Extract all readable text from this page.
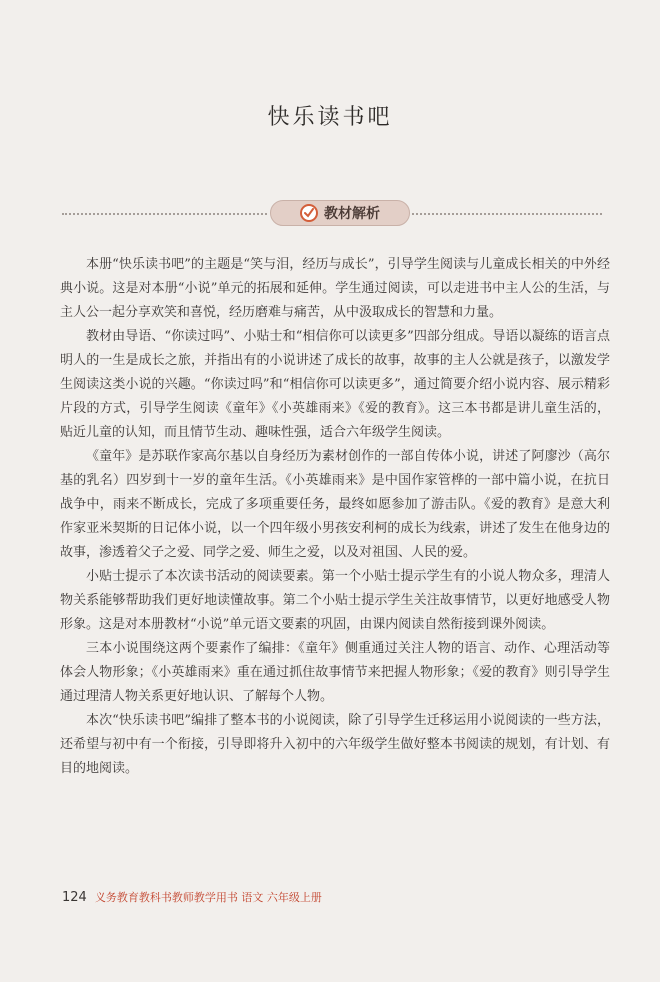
快乐读书吧
教材解析

本册“快乐读书吧”的主题是“笑与泪，经历与成长”，引导学生阅读与儿童成长相关的中外经典小说。这是对本册“小说”单元的拓展和延伸。学生通过阅读，可以走进书中主人公的生活，与主人公一起分享欢笑和喜悦，经历磨难与痛苦，从中汲取成长的智慧和力量。

教材由导语、“你读过吗”、小贴士和“相信你可以读更多”四部分组成。导语以凝练的语言点明人的一生是成长之旅，并指出有的小说讲述了成长的故事，故事的主人公就是孩子，以激发学生阅读这类小说的兴趣。“你读过吗”和“相信你可以读更多”，通过简要介绍小说内容、展示精彩片段的方式，引导学生阅读《童年》《小英雄雨来》《爱的教育》。这三本书都是讲儿童生活的，贴近儿童的认知，而且情节生动、趣味性强，适合六年级学生阅读。

《童年》是苏联作家高尔基以自身经历为素材创作的一部自传体小说，讲述了阿廖沙（高尔基的乳名）四岁到十一岁的童年生活。《小英雄雨来》是中国作家管桦的一部中篇小说，在抗日战争中，雨来不断成长，完成了多项重要任务，最终如愿参加了游击队。《爱的教育》是意大利作家亚米契斯的日记体小说，以一个四年级小男孩安利柯的成长为线索，讲述了发生在他身边的故事，渗透着父子之爱、同学之爱、师生之爱，以及对祖国、人民的爱。

小贴士提示了本次读书活动的阅读要素。第一个小贴士提示学生有的小说人物众多，理清人物关系能够帮助我们更好地读懂故事。第二个小贴士提示学生关注故事情节，以更好地感受人物形象。这是对本册教材“小说”单元语文要素的巩固，由课内阅读自然衔接到课外阅读。

三本小说围绕这两个要素作了编排：《童年》侧重通过关注人物的语言、动作、心理活动等体会人物形象；《小英雄雨来》重在通过抓住故事情节来把握人物形象；《爱的教育》则引导学生通过理清人物关系更好地认识、了解每个人物。

本次“快乐读书吧”编排了整本书的小说阅读，除了引导学生迁移运用小说阅读的一些方法，还希望与初中有一个衔接，引导即将升入初中的六年级学生做好整本书阅读的规划，有计划、有目的地阅读。

124 义务教育教科书教师教学用书 语文 六年级上册
